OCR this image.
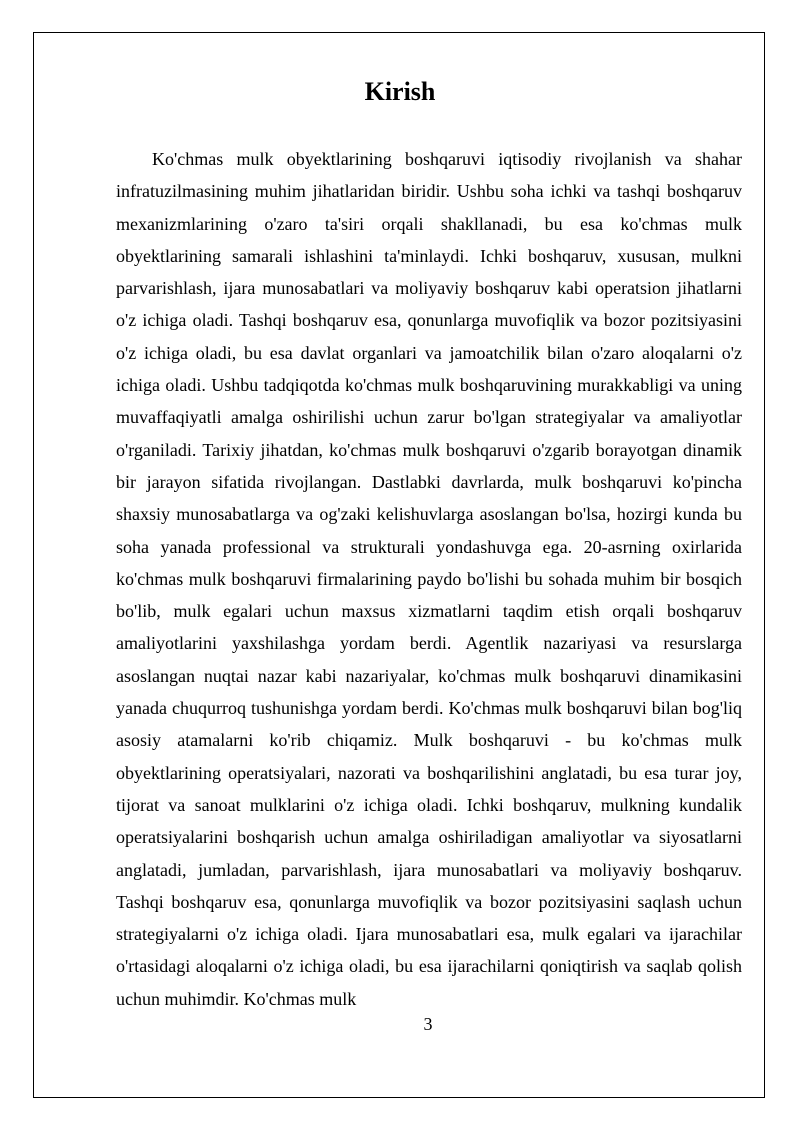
Kirish

Ko'chmas mulk obyektlarining boshqaruvi iqtisodiy rivojlanish va shahar infratuzilmasining muhim jihatlaridan biridir. Ushbu soha ichki va tashqi boshqaruv mexanizmlarining o'zaro ta'siri orqali shakllanadi, bu esa ko'chmas mulk obyektlarining samarali ishlashini ta'minlaydi. Ichki boshqaruv, xususan, mulkni parvarishlash, ijara munosabatlari va moliyaviy boshqaruv kabi operatsion jihatlarni o'z ichiga oladi. Tashqi boshqaruv esa, qonunlarga muvofiqlik va bozor pozitsiyasini o'z ichiga oladi, bu esa davlat organlari va jamoatchilik bilan o'zaro aloqalarni o'z ichiga oladi. Ushbu tadqiqotda ko'chmas mulk boshqaruvining murakkabligi va uning muvaffaqiyatli amalga oshirilishi uchun zarur bo'lgan strategiyalar va amaliyotlar o'rganiladi. Tarixiy jihatdan, ko'chmas mulk boshqaruvi o'zgarib borayotgan dinamik bir jarayon sifatida rivojlangan. Dastlabki davrlarda, mulk boshqaruvi ko'pincha shaxsiy munosabatlarga va og'zaki kelishuvlarga asoslangan bo'lsa, hozirgi kunda bu soha yanada professional va strukturali yondashuvga ega. 20-asrning oxirlarida ko'chmas mulk boshqaruvi firmalarining paydo bo'lishi bu sohada muhim bir bosqich bo'lib, mulk egalari uchun maxsus xizmatlarni taqdim etish orqali boshqaruv amaliyotlarini yaxshilashga yordam berdi. Agentlik nazariyasi va resurslarga asoslangan nuqtai nazar kabi nazariyalar, ko'chmas mulk boshqaruvi dinamikasini yanada chuqurroq tushunishga yordam berdi. Ko'chmas mulk boshqaruvi bilan bog'liq asosiy atamalarni ko'rib chiqamiz. Mulk boshqaruvi - bu ko'chmas mulk obyektlarining operatsiyalari, nazorati va boshqarilishini anglatadi, bu esa turar joy, tijorat va sanoat mulklarini o'z ichiga oladi. Ichki boshqaruv, mulkning kundalik operatsiyalarini boshqarish uchun amalga oshiriladigan amaliyotlar va siyosatlarni anglatadi, jumladan, parvarishlash, ijara munosabatlari va moliyaviy boshqaruv. Tashqi boshqaruv esa, qonunlarga muvofiqlik va bozor pozitsiyasini saqlash uchun strategiyalarni o'z ichiga oladi. Ijara munosabatlari esa, mulk egalari va ijarachilar o'rtasidagi aloqalarni o'z ichiga oladi, bu esa ijarachilarni qoniqtirish va saqlab qolish uchun muhimdir. Ko'chmas mulk

3
